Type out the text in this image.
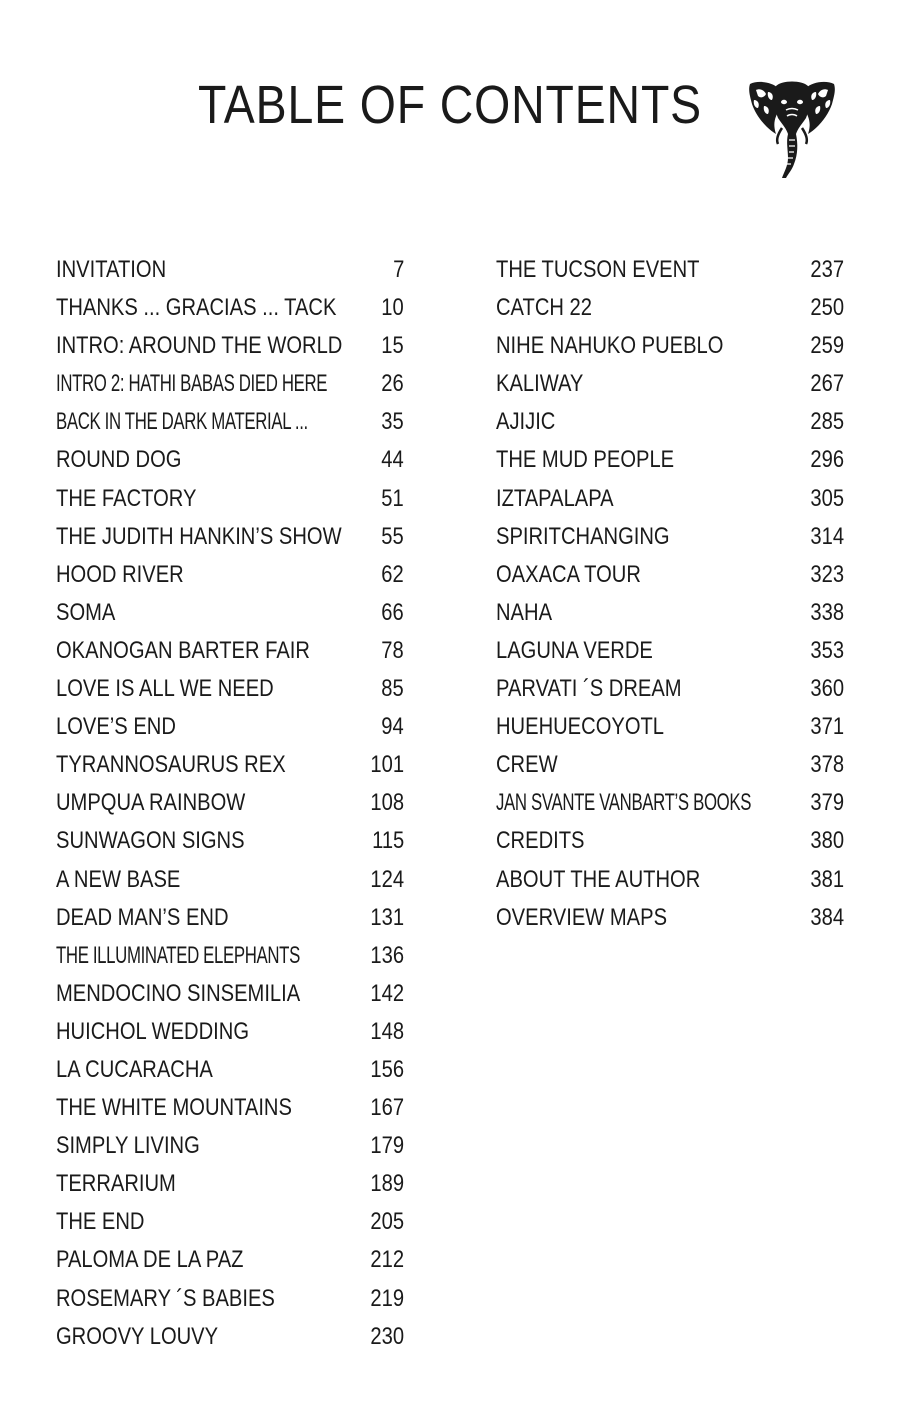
TABLE OF CONTENTS
INVITATION	7
THANKS ... GRACIAS ... TACK 10
INTRO: AROUND THE WORLD 15
INTRO 2: HATHI BABAS DIED HERE 26
BACK IN THE DARK MATERIAL ...	35
ROUND DOG	44
THE FACTORY	51
THE JUDITH HANKIN’S SHOW 55
HOOD RIVER	62
SOMA	66
OKANOGAN BARTER FAIR	78
LOVE IS ALL WE NEED	85
LOVE’S END	94
TYRANNOSAURUS REX	101
UMPQUA RAINBOW	108
SUNWAGON SIGNS	115
A NEW BASE	124
DEAD MAN’S END	131
THE ILLUMINATED ELEPHANTS	136
MENDOCINO SINSEMILIA	142
HUICHOL WEDDING	148
LA CUCARACHA	156
THE WHITE MOUNTAINS	167
SIMPLY LIVING	179
TERRARIUM	189
THE END	205
PALOMA DE LA PAZ	212
ROSEMARY ´S BABIES	219
GROOVY LOUVY	230
THE TUCSON EVENT	237
CATCH 22	250
NIHE NAHUKO PUEBLO	259
KALIWAY	267
AJIJIC	285
THE MUD PEOPLE	296
IZTAPALAPA	305
SPIRITCHANGING	314
OAXACA TOUR	323
NAHA	338
LAGUNA VERDE	353
PARVATI ´S DREAM	360
HUEHUECOYOTL	371
CREW	378
JAN SVANTE VANBART’S BOOKS 379
CREDITS	380
ABOUT THE AUTHOR	381
OVERVIEW MAPS	384
